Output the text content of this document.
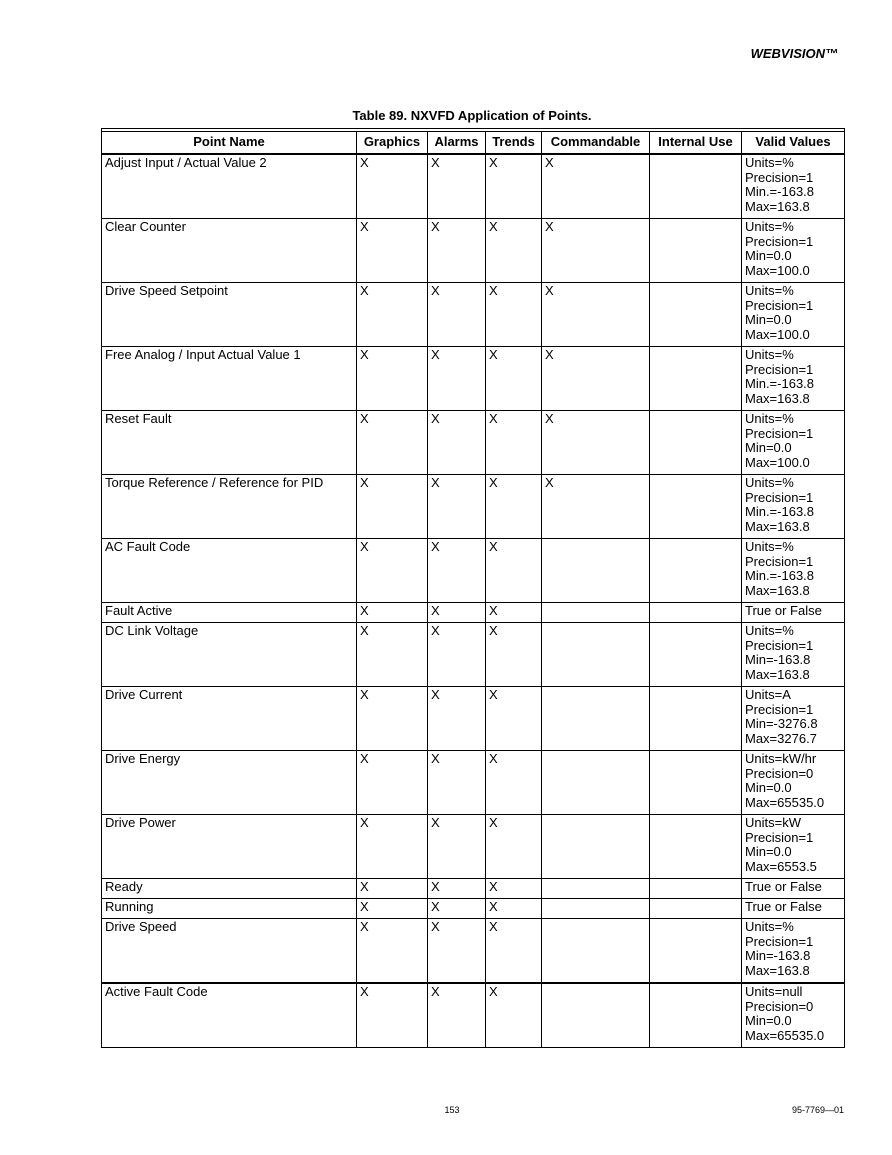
WEBVISION™
Table 89. NXVFD Application of Points.

Point Name	Graphics	Alarms	Trends	Commandable	Internal Use	Valid Values
Adjust Input / Actual Value 2	X	X	X	X		Units=%
Precision=1
Min.=-163.8
Max=163.8
Clear Counter	X	X	X	X		Units=%
Precision=1
Min=0.0
Max=100.0
Drive Speed Setpoint	X	X	X	X		Units=%
Precision=1
Min=0.0
Max=100.0
Free Analog / Input Actual Value 1	X	X	X	X		Units=%
Precision=1
Min.=-163.8
Max=163.8
Reset Fault	X	X	X	X		Units=%
Precision=1
Min=0.0
Max=100.0
Torque Reference / Reference for PID	X	X	X	X		Units=%
Precision=1
Min.=-163.8
Max=163.8
AC Fault Code	X	X	X			Units=%
Precision=1
Min.=-163.8
Max=163.8
Fault Active	X	X	X			True or False
DC Link Voltage	X	X	X			Units=%
Precision=1
Min=-163.8
Max=163.8
Drive Current	X	X	X			Units=A
Precision=1
Min=-3276.8
Max=3276.7
Drive Energy	X	X	X			Units=kW/hr
Precision=0
Min=0.0
Max=65535.0
Drive Power	X	X	X			Units=kW
Precision=1
Min=0.0
Max=6553.5
Ready	X	X	X			True or False
Running	X	X	X			True or False
Drive Speed	X	X	X			Units=%
Precision=1
Min=-163.8
Max=163.8
Active Fault Code	X	X	X			Units=null
Precision=0
Min=0.0
Max=65535.0
153	95-7769—01
